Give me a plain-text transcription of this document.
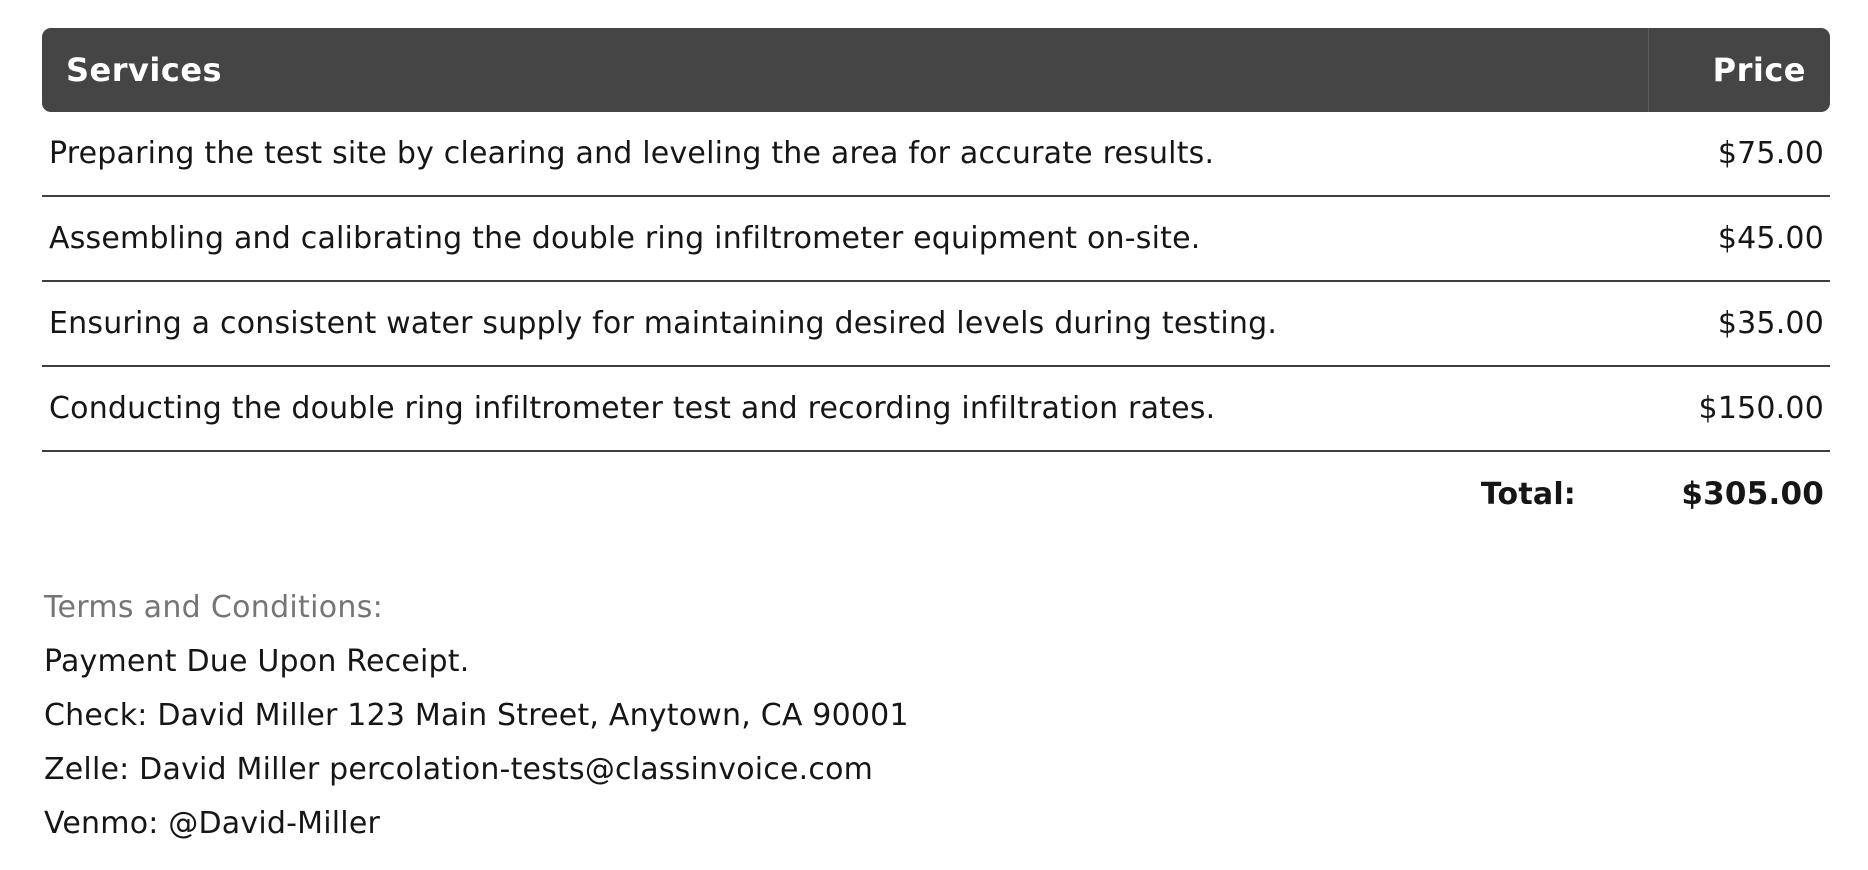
Services	Price
Preparing the test site by clearing and leveling the area for accurate results.	$75.00
Assembling and calibrating the double ring infiltrometer equipment on-site.	$45.00
Ensuring a consistent water supply for maintaining desired levels during testing.	$35.00
Conducting the double ring infiltrometer test and recording infiltration rates.	$150.00
Total:	$305.00
Terms and Conditions:
Payment Due Upon Receipt.
Check: David Miller 123 Main Street, Anytown, CA 90001
Zelle: David Miller percolation-tests@classinvoice.com
Venmo: @David-Miller
